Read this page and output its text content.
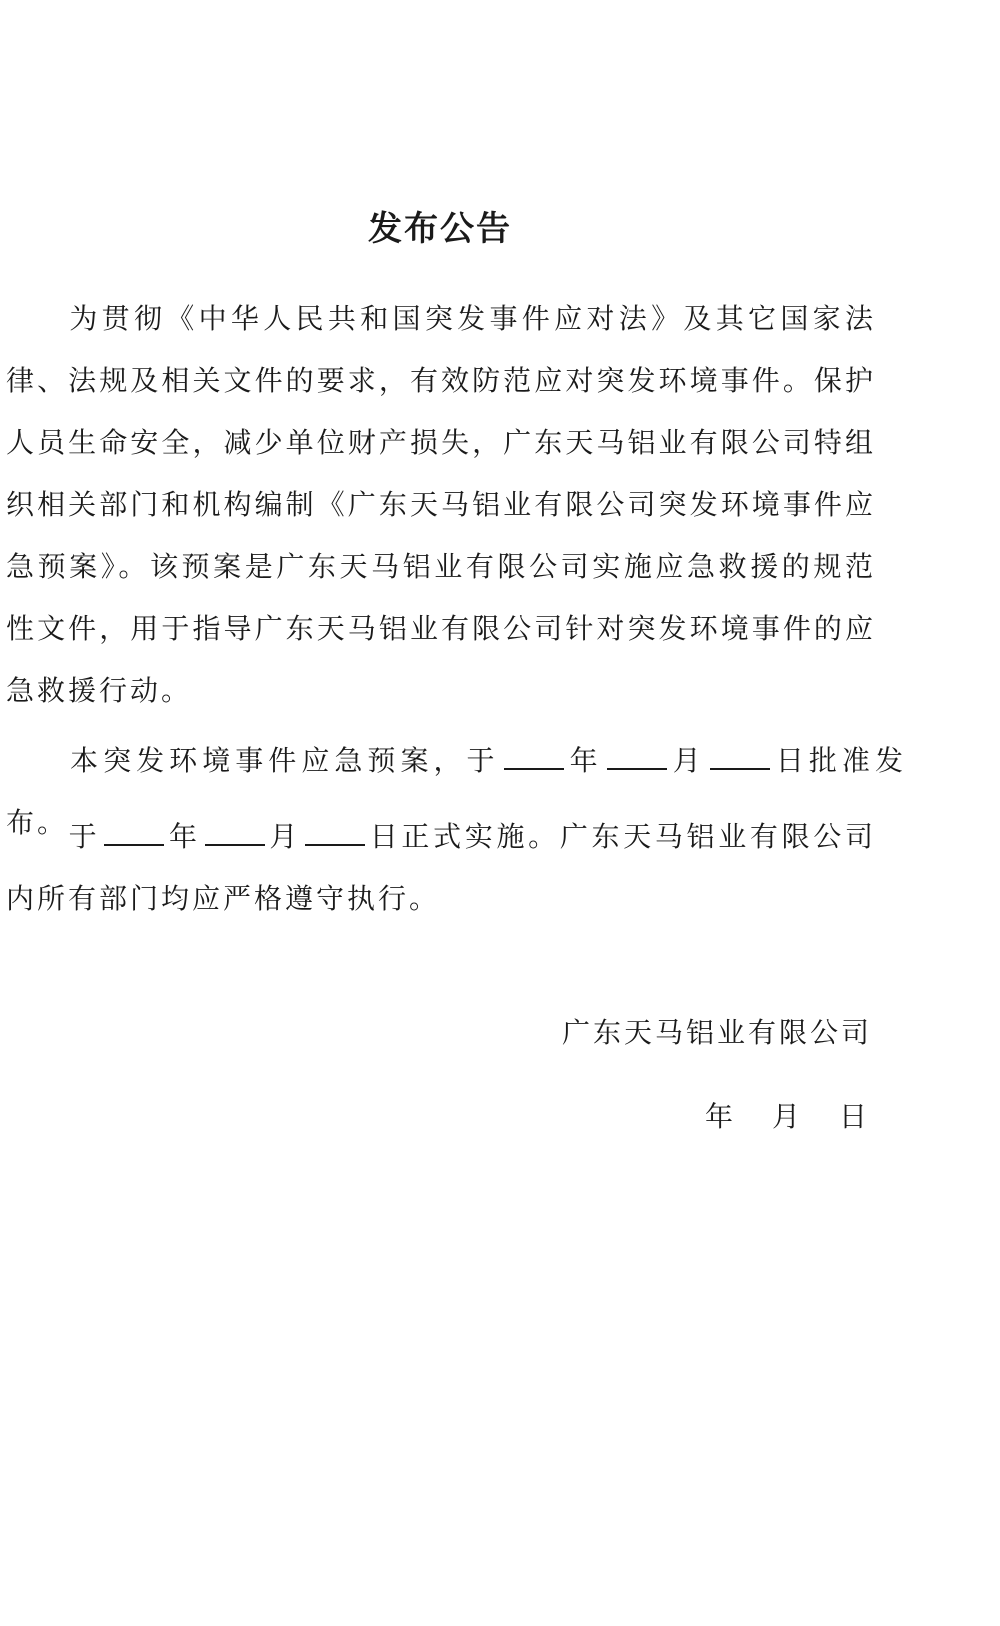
发布公告
为贯彻《中华人民共和国突发事件应对法》及其它国家法律、法规及相关文件的要求，有效防范应对突发环境事件。保护人员生命安全，减少单位财产损失，广东天马铝业有限公司特组织相关部门和机构编制《广东天马铝业有限公司突发环境事件应急预案》。该预案是广东天马铝业有限公司实施应急救援的规范性文件，用于指导广东天马铝业有限公司针对突发环境事件的应急救援行动。
本突发环境事件应急预案，于 年 月 日批准发布。 于 年 月 日正式实施。广东天马铝业有限公司内所有部门均应严格遵守执行。
广东天马铝业有限公司
年 月 日
